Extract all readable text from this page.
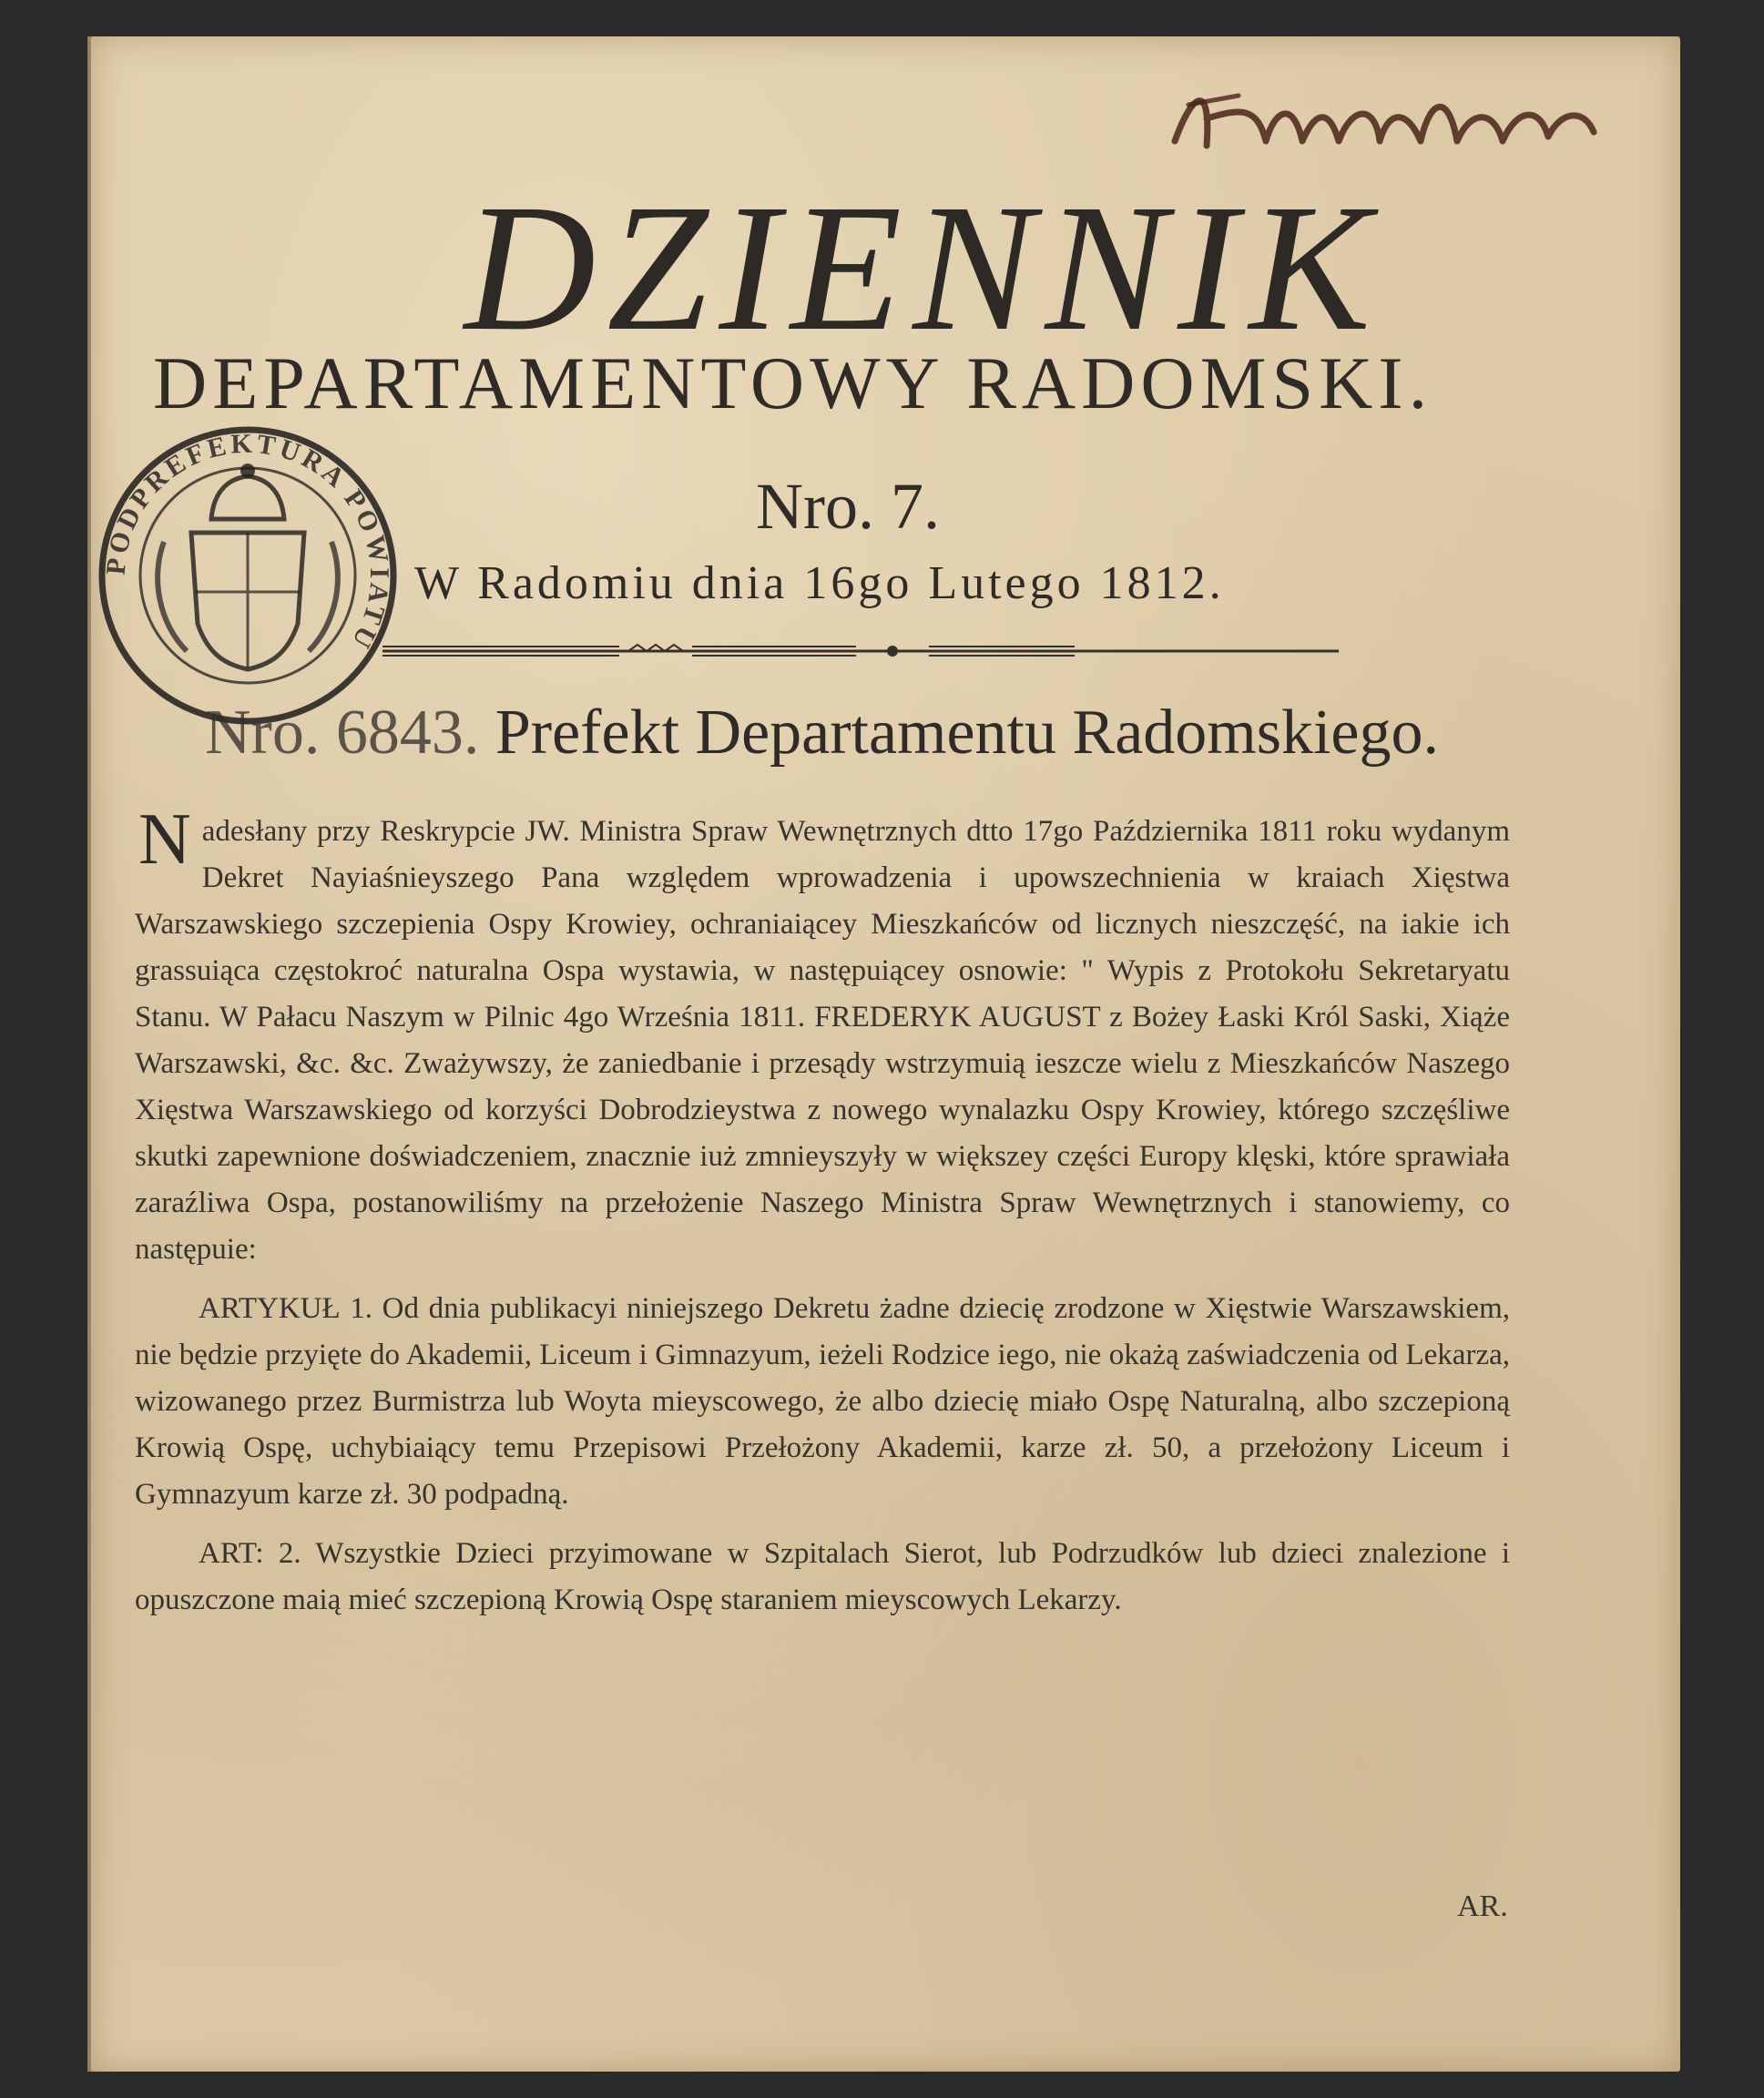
DZIENNIK
DEPARTAMENTOWY RADOMSKI.
Nro. 7.
W Radomiu dnia 16go Lutego 1812.
PODPREFEKTURA POWIATU
Nro. 6843. Prefekt Departamentu Radomskiego.

Nadesłany przy Reskrypcie JW. Ministra Spraw Wewnętrznych dtto 17go Października 1811 roku wydanym Dekret Nayiaśnieyszego Pana względem wprowadzenia i upowszechnienia w kraiach Xięstwa Warszawskiego szczepienia Ospy Krowiey, ochraniaiącey Mieszkańców od licznych nieszczęść, na iakie ich grassuiąca częstokroć naturalna Ospa wystawia, w następuiącey osnowie: " Wypis z Protokołu Sekretaryatu Stanu. W Pałacu Naszym w Pilnic 4go Września 1811. FREDERYK AUGUST z Bożey Łaski Król Saski, Xiąże Warszawski, &c. &c. Zważywszy, że zaniedbanie i przesądy wstrzymuią ieszcze wielu z Mieszkańców Naszego Xięstwa Warszawskiego od korzyści Dobrodzieystwa z nowego wynalazku Ospy Krowiey, którego szczęśliwe skutki zapewnione doświadczeniem, znacznie iuż zmnieyszyły w większey części Europy klęski, które sprawiała zaraźliwa Ospa, postanowiliśmy na przełożenie Naszego Ministra Spraw Wewnętrznych i stanowiemy, co następuie:

ARTYKUŁ 1. Od dnia publikacyi niniejszego Dekretu żadne dziecię zrodzone w Xięstwie Warszawskiem, nie będzie przyięte do Akademii, Liceum i Gimnazyum, ieżeli Rodzice iego, nie okażą zaświadczenia od Lekarza, wizowanego przez Burmistrza lub Woyta mieyscowego, że albo dziecię miało Ospę Naturalną, albo szczepioną Krowią Ospę, uchybiaiący temu Przepisowi Przełożony Akademii, karze zł. 50, a przełożony Liceum i Gymnazyum karze zł. 30 podpadną.

ART: 2. Wszystkie Dzieci przyimowane w Szpitalach Sierot, lub Podrzudków lub dzieci znalezione i opuszczone maią mieć szczepioną Krowią Ospę staraniem mieyscowych Lekarzy.

AR.
